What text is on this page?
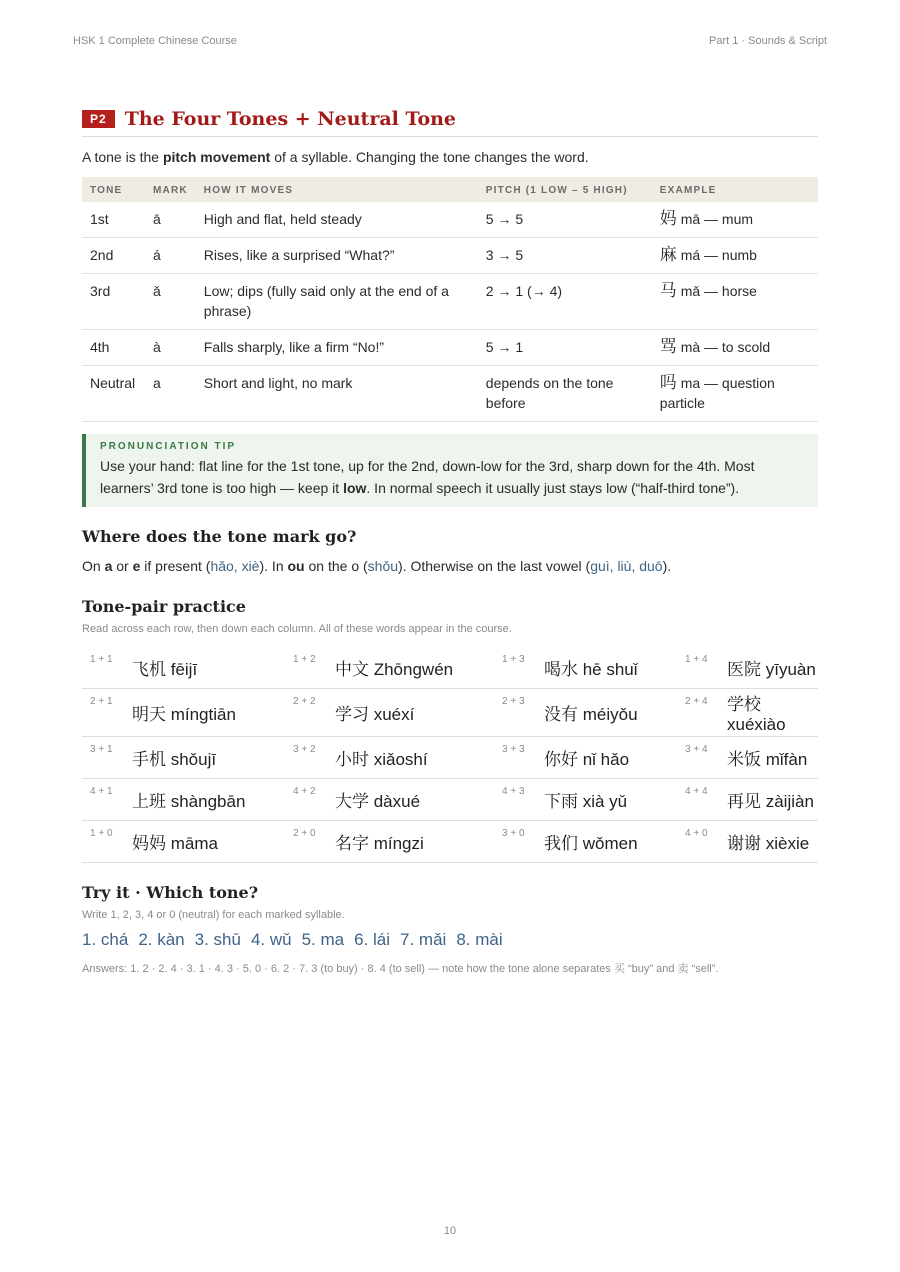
HSK 1 Complete Chinese Course	Part 1 · Sounds & Script
P2 The Four Tones + Neutral Tone

A tone is the pitch movement of a syllable. Changing the tone changes the word.

TONE	MARK	HOW IT MOVES	PITCH (1 LOW – 5 HIGH)	EXAMPLE
1st	ā	High and flat, held steady	5 → 5	妈 mā — mum
2nd	á	Rises, like a surprised “What?”	3 → 5	麻 má — numb
3rd	ǎ	Low; dips (fully said only at the end of a phrase)	2 → 1 (→ 4)	马 mǎ — horse
4th	à	Falls sharply, like a firm “No!”	5 → 1	骂 mà — to scold
Neutral	a	Short and light, no mark	depends on the tone before	吗 ma — question particle
PRONUNCIATION TIP
Use your hand: flat line for the 1st tone, up for the 2nd, down-low for the 3rd, sharp down for the 4th. Most learners’ 3rd tone is too high — keep it low. In normal speech it usually just stays low (“half-third tone”).
Where does the tone mark go?

On a or e if present (hǎo, xiè). In ou on the o (shǒu). Otherwise on the last vowel (guì, liù, duō).

Tone-pair practice
Read across each row, then down each column. All of these words appear in the course.
1 + 1	飞机 fēijī	1 + 2	中文 Zhōngwén	1 + 3	喝水 hē shuǐ	1 + 4	医院 yīyuàn
2 + 1	明天 míngtiān	2 + 2	学习 xuéxí	2 + 3	没有 méiyǒu	2 + 4	学校 xuéxiào
3 + 1	手机 shǒujī	3 + 2	小时 xiǎoshí	3 + 3	你好 nǐ hǎo	3 + 4	米饭 mǐfàn
4 + 1	上班 shàngbān	4 + 2	大学 dàxué	4 + 3	下雨 xià yǔ	4 + 4	再见 zàijiàn
1 + 0	妈妈 māma	2 + 0	名字 míngzi	3 + 0	我们 wǒmen	4 + 0	谢谢 xièxie
Try it · Which tone?
Write 1, 2, 3, 4 or 0 (neutral) for each marked syllable.
1. chá 2. kàn 3. shū 4. wǔ 5. ma 6. lái 7. mǎi 8. mài
Answers: 1. 2 · 2. 4 · 3. 1 · 4. 3 · 5. 0 · 6. 2 · 7. 3 (to buy) · 8. 4 (to sell) — note how the tone alone separates 买 “buy” and 卖 “sell”.
10
